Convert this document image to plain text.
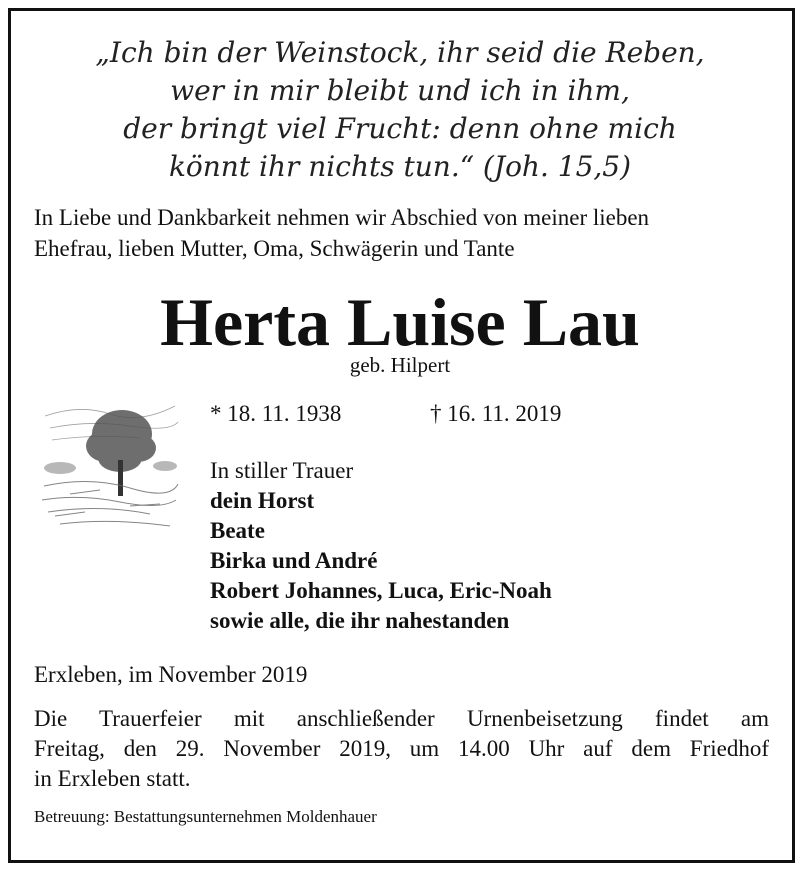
„Ich bin der Weinstock, ihr seid die Reben,
wer in mir bleibt und ich in ihm,
der bringt viel Frucht: denn ohne mich
könnt ihr nichts tun.“ (Joh. 15,5)
In Liebe und Dankbarkeit nehmen wir Abschied von meiner lieben
Ehefrau, lieben Mutter, Oma, Schwägerin und Tante
Herta Luise Lau
geb. Hilpert
* 18. 11. 1938	† 16. 11. 2019
In stiller Trauer
dein Horst
Beate
Birka und André
Robert Johannes, Luca, Eric-Noah
sowie alle, die ihr nahestanden
Erxleben, im November 2019
Die Trauerfeier mit anschließender Urnenbeisetzung findet am
Freitag, den 29. November 2019, um 14.00 Uhr auf dem Friedhof
in Erxleben statt.
Betreuung: Bestattungsunternehmen Moldenhauer
